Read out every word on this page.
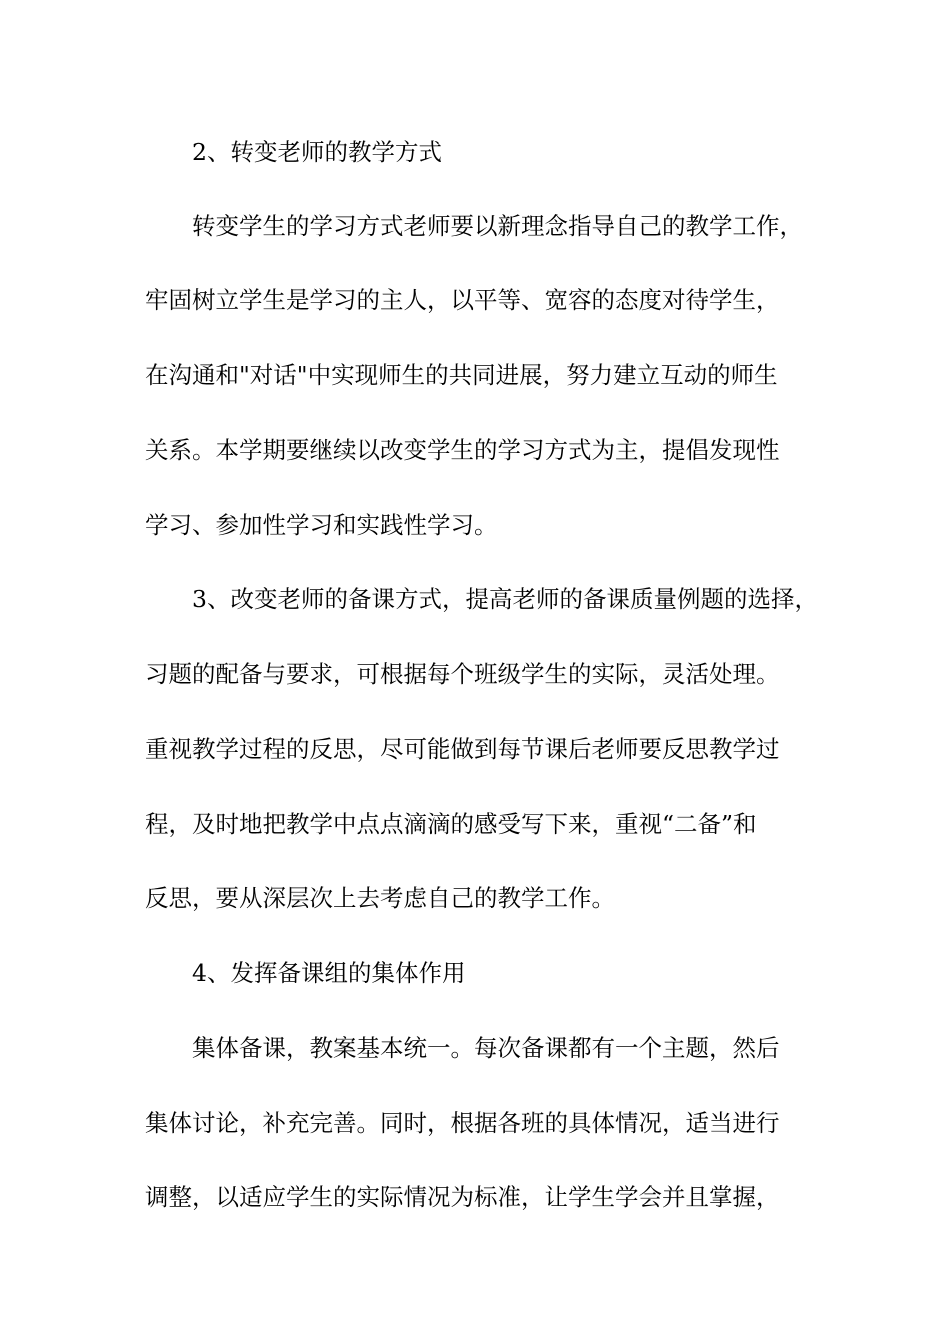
2、转变老师的教学方式
转变学生的学习方式老师要以新理念指导自己的教学工作，
牢固树立学生是学习的主人，以平等、宽容的态度对待学生，
在沟通和"对话"中实现师生的共同进展，努力建立互动的师生
关系。本学期要继续以改变学生的学习方式为主，提倡发现性
学习、参加性学习和实践性学习。
3、改变老师的备课方式，提高老师的备课质量例题的选择，
习题的配备与要求，可根据每个班级学生的实际，灵活处理。
重视教学过程的反思，尽可能做到每节课后老师要反思教学过
程，及时地把教学中点点滴滴的感受写下来，重视“二备”和
反思，要从深层次上去考虑自己的教学工作。
4、发挥备课组的集体作用
集体备课，教案基本统一。每次备课都有一个主题，然后
集体讨论，补充完善。同时，根据各班的具体情况，适当进行
调整，以适应学生的实际情况为标准，让学生学会并且掌握，
